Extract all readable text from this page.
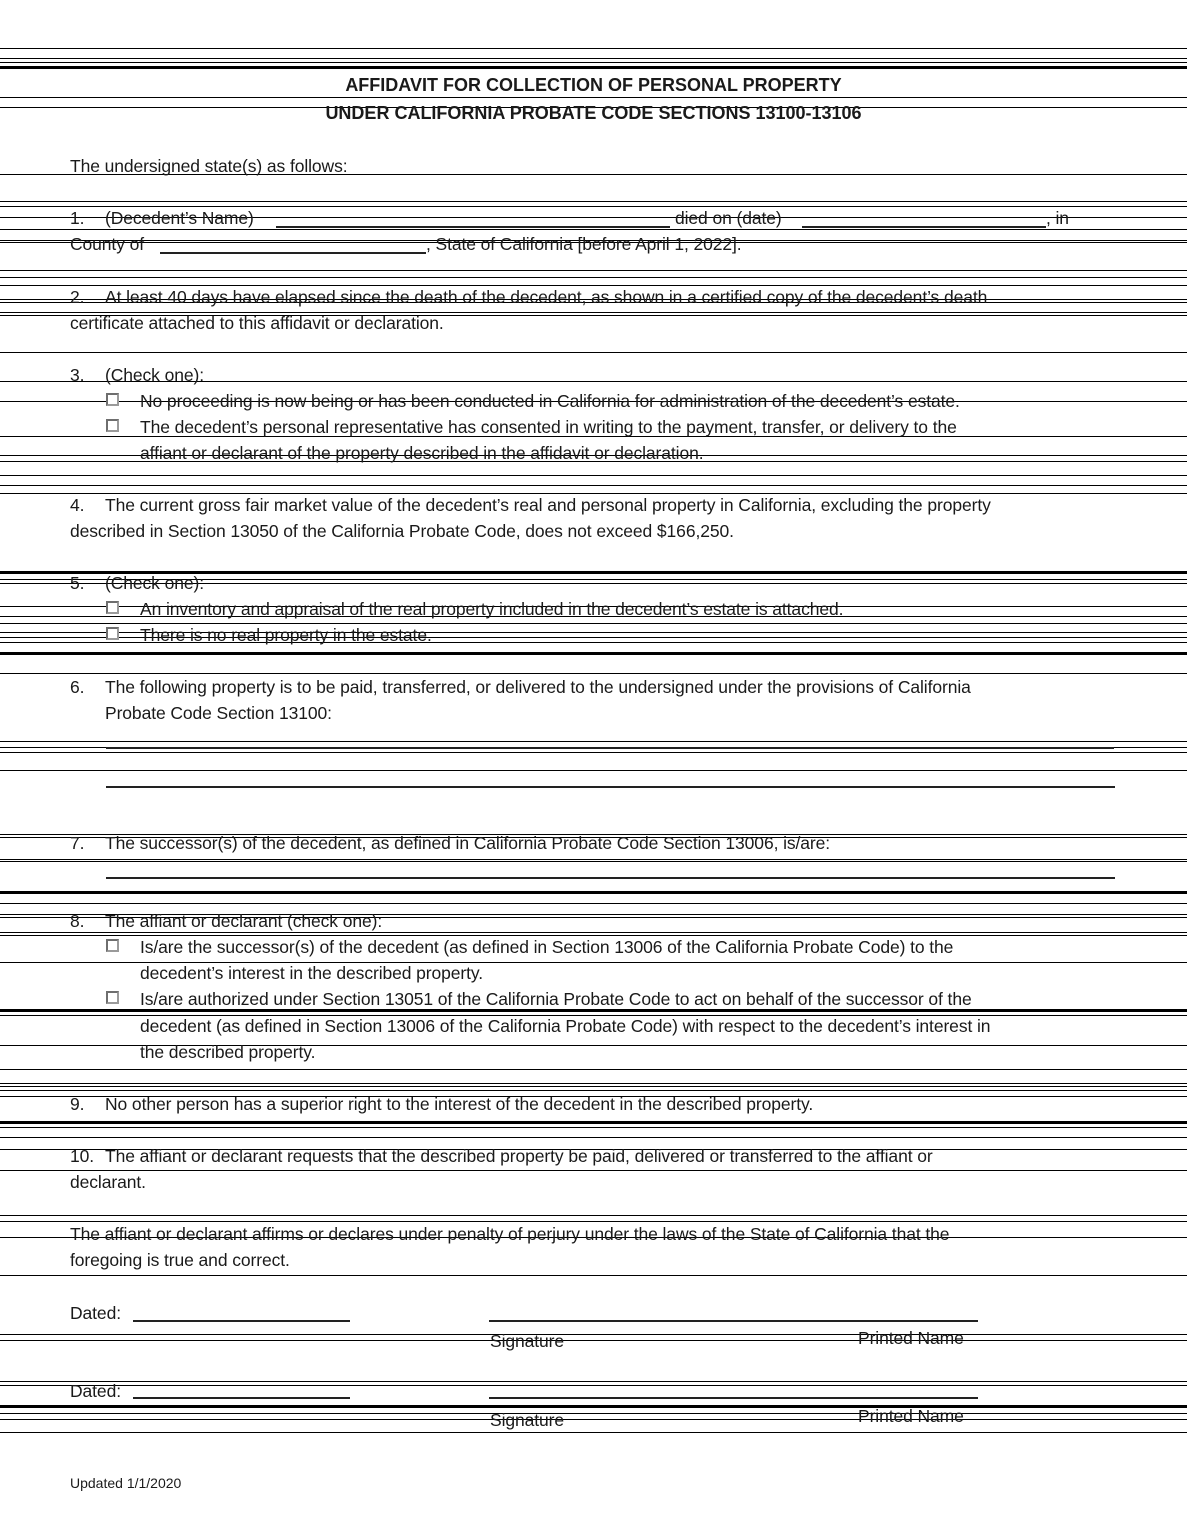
AFFIDAVIT FOR COLLECTION OF PERSONAL PROPERTY
UNDER CALIFORNIA PROBATE CODE SECTIONS 13100-13106
The undersigned state(s) as follows:
1. (Decedent’s Name)	died on (date)	, in
County of	, State of California [before April 1, 2022].
2. At least 40 days have elapsed since the death of the decedent, as shown in a certified copy of the decedent’s death
certificate attached to this affidavit or declaration.
3. (Check one):
No proceeding is now being or has been conducted in California for administration of the decedent’s estate.
The decedent’s personal representative has consented in writing to the payment, transfer, or delivery to the
affiant or declarant of the property described in the affidavit or declaration.
4. The current gross fair market value of the decedent’s real and personal property in California, excluding the property
described in Section 13050 of the California Probate Code, does not exceed $166,250.
5. (Check one):
An inventory and appraisal of the real property included in the decedent’s estate is attached.
There is no real property in the estate.
6. The following property is to be paid, transferred, or delivered to the undersigned under the provisions of California
Probate Code Section 13100:
7. The successor(s) of the decedent, as defined in California Probate Code Section 13006, is/are:
8. The affiant or declarant (check one):
Is/are the successor(s) of the decedent (as defined in Section 13006 of the California Probate Code) to the
decedent’s interest in the described property.
Is/are authorized under Section 13051 of the California Probate Code to act on behalf of the successor of the
decedent (as defined in Section 13006 of the California Probate Code) with respect to the decedent’s interest in
the described property.
9. No other person has a superior right to the interest of the decedent in the described property.
10. The affiant or declarant requests that the described property be paid, delivered or transferred to the affiant or
declarant.
The affiant or declarant affirms or declares under penalty of perjury under the laws of the State of California that the
foregoing is true and correct.
Dated:
Signature	Printed Name
Dated:
Signature	Printed Name
Updated 1/1/2020
